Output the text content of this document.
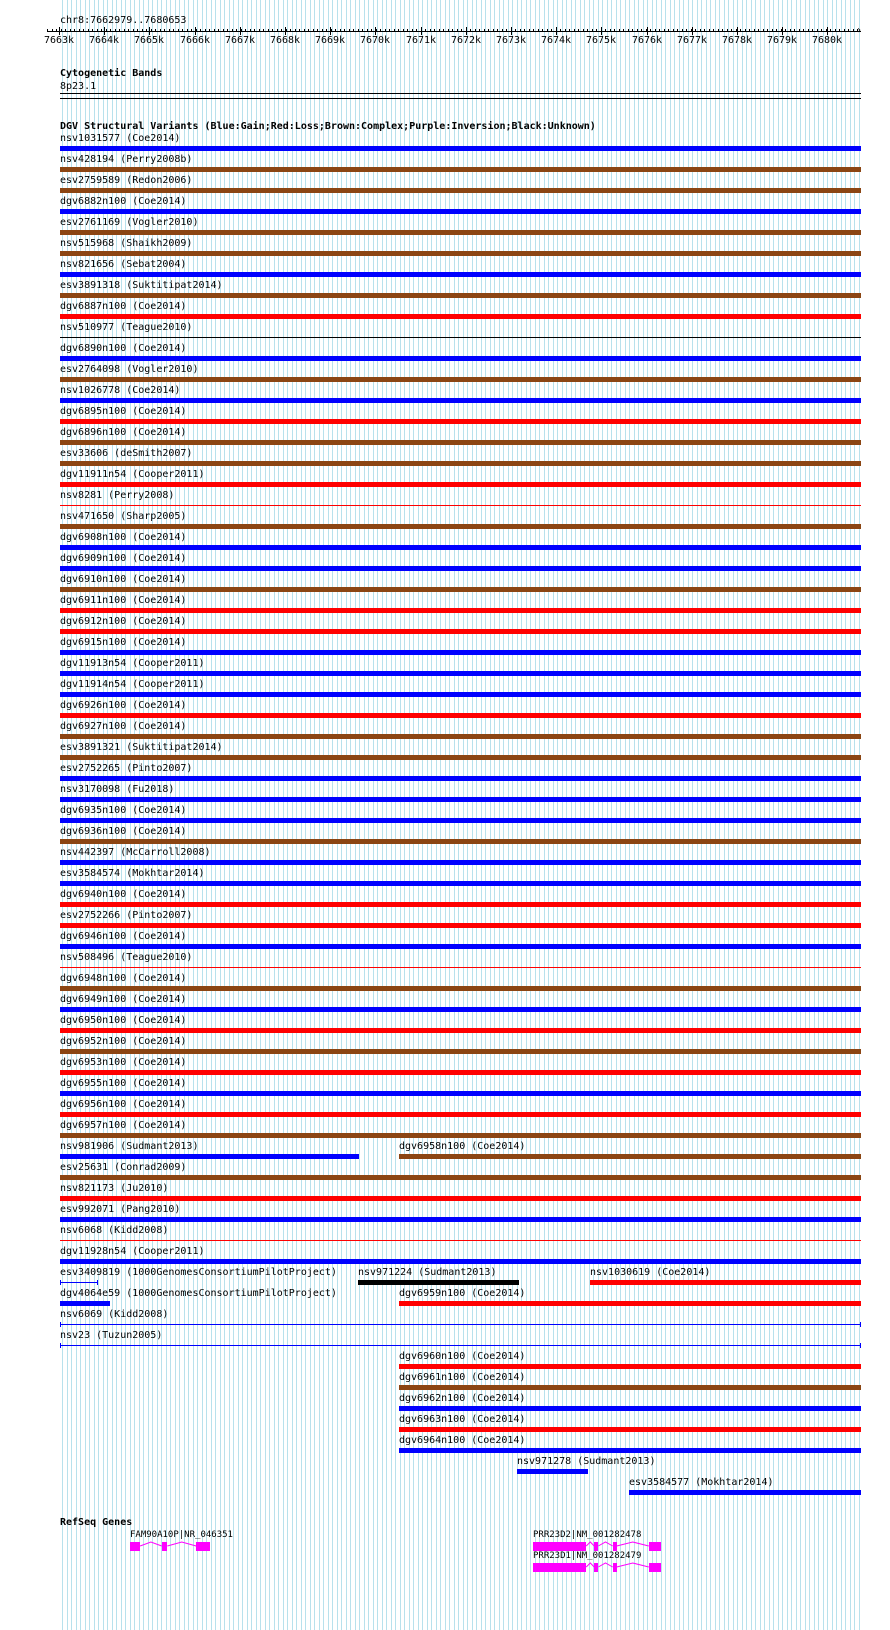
chr8:7662979..7680653
7663k 7664k 7665k 7666k 7667k 7668k 7669k 7670k 7671k 7672k 7673k 7674k 7675k 7676k 7677k 7678k 7679k 7680k
›
Cytogenetic Bands
8p23.1
DGV Structural Variants (Blue:Gain;Red:Loss;Brown:Complex;Purple:Inversion;Black:Unknown)
nsv1031577 (Coe2014)
nsv428194 (Perry2008b)
esv2759589 (Redon2006)
dgv6882n100 (Coe2014)
esv2761169 (Vogler2010)
nsv515968 (Shaikh2009)
nsv821656 (Sebat2004)
esv3891318 (Suktitipat2014)
dgv6887n100 (Coe2014)
nsv510977 (Teague2010)
dgv6890n100 (Coe2014)
esv2764098 (Vogler2010)
nsv1026778 (Coe2014)
dgv6895n100 (Coe2014)
dgv6896n100 (Coe2014)
esv33606 (deSmith2007)
dgv11911n54 (Cooper2011)
nsv8281 (Perry2008)
nsv471650 (Sharp2005)
dgv6908n100 (Coe2014)
dgv6909n100 (Coe2014)
dgv6910n100 (Coe2014)
dgv6911n100 (Coe2014)
dgv6912n100 (Coe2014)
dgv6915n100 (Coe2014)
dgv11913n54 (Cooper2011)
dgv11914n54 (Cooper2011)
dgv6926n100 (Coe2014)
dgv6927n100 (Coe2014)
esv3891321 (Suktitipat2014)
esv2752265 (Pinto2007)
nsv3170098 (Fu2018)
dgv6935n100 (Coe2014)
dgv6936n100 (Coe2014)
nsv442397 (McCarroll2008)
esv3584574 (Mokhtar2014)
dgv6940n100 (Coe2014)
esv2752266 (Pinto2007)
dgv6946n100 (Coe2014)
nsv508496 (Teague2010)
dgv6948n100 (Coe2014)
dgv6949n100 (Coe2014)
dgv6950n100 (Coe2014)
dgv6952n100 (Coe2014)
dgv6953n100 (Coe2014)
dgv6955n100 (Coe2014)
dgv6956n100 (Coe2014)
dgv6957n100 (Coe2014)
nsv981906 (Sudmant2013)	dgv6958n100 (Coe2014)
esv25631 (Conrad2009)
nsv821173 (Ju2010)
esv992071 (Pang2010)
nsv6068 (Kidd2008)
dgv11928n54 (Cooper2011)
esv3409819 (1000GenomesConsortiumPilotProject) nsv971224 (Sudmant2013)	nsv1030619 (Coe2014)
dgv4064e59 (1000GenomesConsortiumPilotProject)	dgv6959n100 (Coe2014)
nsv6069 (Kidd2008)
nsv23 (Tuzun2005)
dgv6960n100 (Coe2014)
dgv6961n100 (Coe2014)
dgv6962n100 (Coe2014)
dgv6963n100 (Coe2014)
dgv6964n100 (Coe2014)
nsv971278 (Sudmant2013)
esv3584577 (Mokhtar2014)
RefSeq Genes
FAM90A10P|NR_046351	PRR23D2|NM_001282478
PRR23D1|NM_001282479
